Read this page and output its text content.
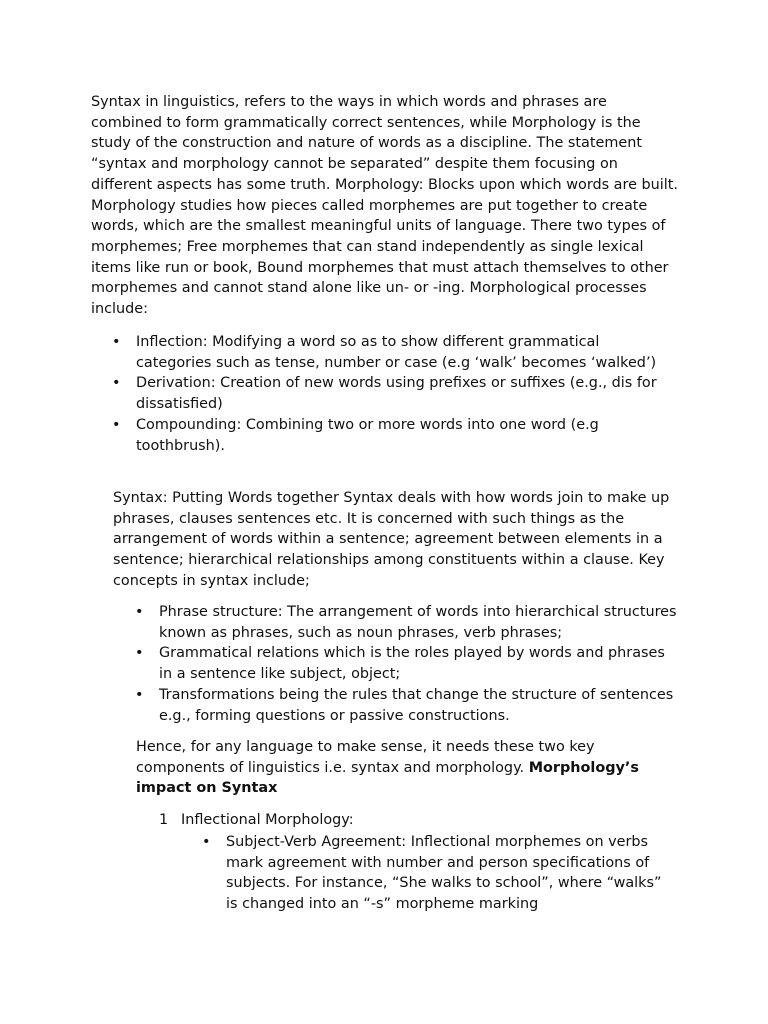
Syntax in linguistics, refers to the ways in which words and phrases are combined to form grammatically correct sentences, while Morphology is the study of the construction and nature of words as a discipline. The statement “syntax and morphology cannot be separated” despite them focusing on different aspects has some truth. Morphology: Blocks upon which words are built. Morphology studies how pieces called morphemes are put together to create words, which are the smallest meaningful units of language. There two types of morphemes; Free morphemes that can stand independently as single lexical items like run or book, Bound morphemes that must attach themselves to other morphemes and cannot stand alone like un- or -ing. Morphological processes include:

• Inflection: Modifying a word so as to show different grammatical categories such as tense, number or case (e.g ‘walk’ becomes ‘walked’)
• Derivation: Creation of new words using prefixes or suffixes (e.g., dis for dissatisfied)
• Compounding: Combining two or more words into one word (e.g toothbrush).

Syntax: Putting Words together Syntax deals with how words join to make up phrases, clauses sentences etc. It is concerned with such things as the arrangement of words within a sentence; agreement between elements in a sentence; hierarchical relationships among constituents within a clause. Key concepts in syntax include;

• Phrase structure: The arrangement of words into hierarchical structures known as phrases, such as noun phrases, verb phrases;
• Grammatical relations which is the roles played by words and phrases in a sentence like subject, object;
• Transformations being the rules that change the structure of sentences e.g., forming questions or passive constructions.

Hence, for any language to make sense, it needs these two key components of linguistics i.e. syntax and morphology. Morphology’s impact on Syntax

1 Inflectional Morphology:
• Subject-Verb Agreement: Inflectional morphemes on verbs mark agreement with number and person specifications of subjects. For instance, “She walks to school”, where “walks” is changed into an “-s” morpheme marking
